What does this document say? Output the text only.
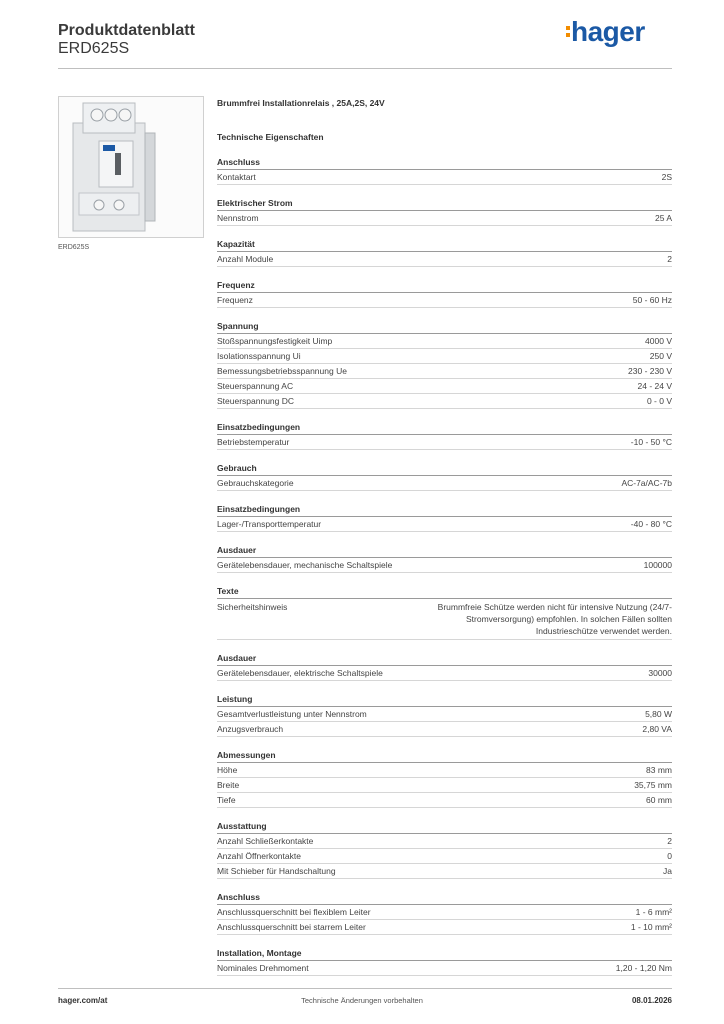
Produktdatenblatt
ERD625S
hager
ERD625S
Brummfrei Installationrelais , 25A,2S, 24V
Technische Eigenschaften
Anschluss
Kontaktart	2S
Elektrischer Strom
Nennstrom	25 A
Kapazität
Anzahl Module	2
Frequenz
Frequenz	50 - 60 Hz
Spannung
Stoßspannungsfestigkeit Uimp	4000 V
Isolationsspannung Ui	250 V
Bemessungsbetriebsspannung Ue	230 - 230 V
Steuerspannung AC	24 - 24 V
Steuerspannung DC	0 - 0 V
Einsatzbedingungen
Betriebstemperatur	-10 - 50 °C
Gebrauch
Gebrauchskategorie	AC-7a/AC-7b
Einsatzbedingungen
Lager-/Transporttemperatur	-40 - 80 °C
Ausdauer
Gerätelebensdauer, mechanische Schaltspiele	100000
Texte
Sicherheitshinweis	Brummfreie Schütze werden nicht für intensive Nutzung (24/7-Stromversorgung) empfohlen. In solchen Fällen sollten Industrieschütze verwendet werden.
Ausdauer
Gerätelebensdauer, elektrische Schaltspiele	30000
Leistung
Gesamtverlustleistung unter Nennstrom	5,80 W
Anzugsverbrauch	2,80 VA
Abmessungen
Höhe	83 mm
Breite	35,75 mm
Tiefe	60 mm
Ausstattung
Anzahl Schließerkontakte	2
Anzahl Öffnerkontakte	0
Mit Schieber für Handschaltung	Ja
Anschluss
Anschlussquerschnitt bei flexiblem Leiter	1 - 6 mm²
Anschlussquerschnitt bei starrem Leiter	1 - 10 mm²
Installation, Montage
Nominales Drehmoment	1,20 - 1,20 Nm
hager.com/at	Technische Änderungen vorbehalten	08.01.2026
